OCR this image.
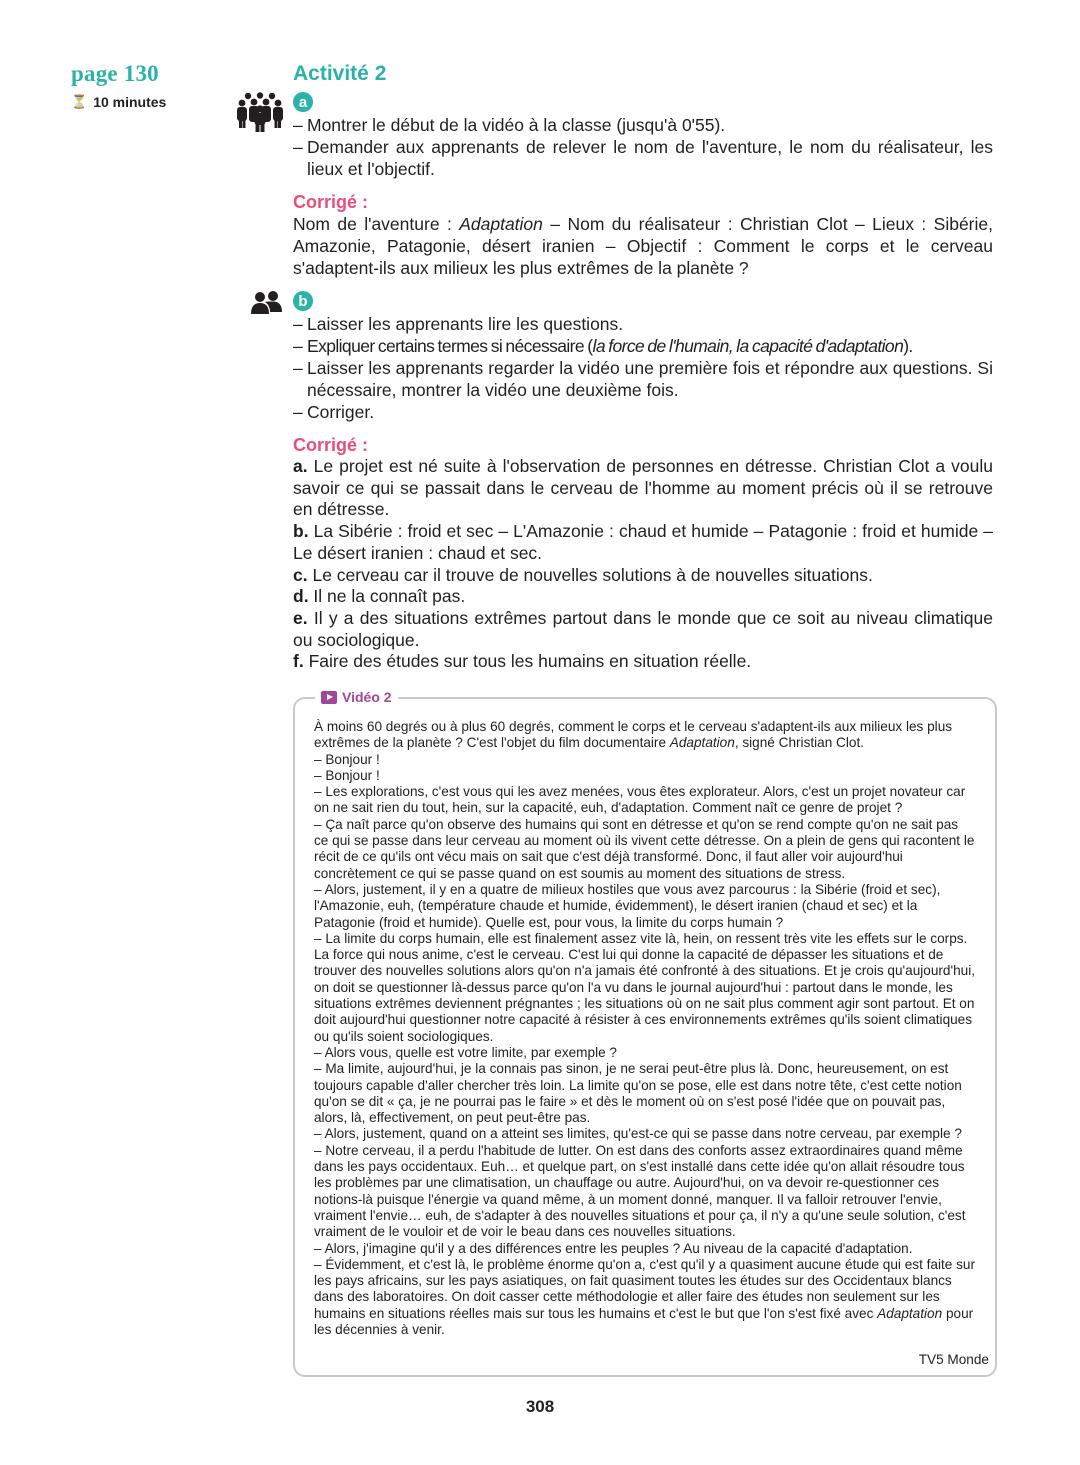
page 130
⏳ 10 minutes
Activité 2
a
– Montrer le début de la vidéo à la classe (jusqu'à 0'55).
– Demander aux apprenants de relever le nom de l'aventure, le nom du réalisateur, les lieux et l'objectif.
Corrigé :
Nom de l'aventure : Adaptation – Nom du réalisateur : Christian Clot – Lieux : Sibérie, Amazonie, Patagonie, désert iranien – Objectif : Comment le corps et le cerveau s'adaptent-ils aux milieux les plus extrêmes de la planète ?
b
– Laisser les apprenants lire les questions.
– Expliquer certains termes si nécessaire (la force de l'humain, la capacité d'adaptation).
– Laisser les apprenants regarder la vidéo une première fois et répondre aux questions. Si nécessaire, montrer la vidéo une deuxième fois.
– Corriger.
Corrigé :
a. Le projet est né suite à l'observation de personnes en détresse. Christian Clot a voulu savoir ce qui se passait dans le cerveau de l'homme au moment précis où il se retrouve en détresse.
b. La Sibérie : froid et sec – L'Amazonie : chaud et humide – Patagonie : froid et humide – Le désert iranien : chaud et sec.
c. Le cerveau car il trouve de nouvelles solutions à de nouvelles situations.
d. Il ne la connaît pas.
e. Il y a des situations extrêmes partout dans le monde que ce soit au niveau climatique ou sociologique.
f. Faire des études sur tous les humains en situation réelle.
Vidéo 2

À moins 60 degrés ou à plus 60 degrés, comment le corps et le cerveau s'adaptent-ils aux milieux les plus extrêmes de la planète ? C'est l'objet du film documentaire Adaptation, signé Christian Clot.

– Bonjour !

– Bonjour !

– Les explorations, c'est vous qui les avez menées, vous êtes explorateur. Alors, c'est un projet novateur car on ne sait rien du tout, hein, sur la capacité, euh, d'adaptation. Comment naît ce genre de projet ?

– Ça naît parce qu'on observe des humains qui sont en détresse et qu'on se rend compte qu'on ne sait pas ce qui se passe dans leur cerveau au moment où ils vivent cette détresse. On a plein de gens qui racontent le récit de ce qu'ils ont vécu mais on sait que c'est déjà transformé. Donc, il faut aller voir aujourd'hui concrètement ce qui se passe quand on est soumis au moment des situations de stress.

– Alors, justement, il y en a quatre de milieux hostiles que vous avez parcourus : la Sibérie (froid et sec), l'Amazonie, euh, (température chaude et humide, évidemment), le désert iranien (chaud et sec) et la Patagonie (froid et humide). Quelle est, pour vous, la limite du corps humain ?

– La limite du corps humain, elle est finalement assez vite là, hein, on ressent très vite les effets sur le corps. La force qui nous anime, c'est le cerveau. C'est lui qui donne la capacité de dépasser les situations et de trouver des nouvelles solutions alors qu'on n'a jamais été confronté à des situations. Et je crois qu'aujourd'hui, on doit se questionner là-dessus parce qu'on l'a vu dans le journal aujourd'hui : partout dans le monde, les situations extrêmes deviennent prégnantes ; les situations où on ne sait plus comment agir sont partout. Et on doit aujourd'hui questionner notre capacité à résister à ces environnements extrêmes qu'ils soient climatiques ou qu'ils soient sociologiques.

– Alors vous, quelle est votre limite, par exemple ?

– Ma limite, aujourd'hui, je la connais pas sinon, je ne serai peut-être plus là. Donc, heureusement, on est toujours capable d'aller chercher très loin. La limite qu'on se pose, elle est dans notre tête, c'est cette notion qu'on se dit « ça, je ne pourrai pas le faire » et dès le moment où on s'est posé l'idée que on pouvait pas, alors, là, effectivement, on peut peut-être pas.

– Alors, justement, quand on a atteint ses limites, qu'est-ce qui se passe dans notre cerveau, par exemple ?

– Notre cerveau, il a perdu l'habitude de lutter. On est dans des conforts assez extraordinaires quand même dans les pays occidentaux. Euh… et quelque part, on s'est installé dans cette idée qu'on allait résoudre tous les problèmes par une climatisation, un chauffage ou autre. Aujourd'hui, on va devoir re-questionner ces notions-là puisque l'énergie va quand même, à un moment donné, manquer. Il va falloir retrouver l'envie, vraiment l'envie… euh, de s'adapter à des nouvelles situations et pour ça, il n'y a qu'une seule solution, c'est vraiment de le vouloir et de voir le beau dans ces nouvelles situations.

– Alors, j'imagine qu'il y a des différences entre les peuples ? Au niveau de la capacité d'adaptation.

– Évidemment, et c'est là, le problème énorme qu'on a, c'est qu'il y a quasiment aucune étude qui est faite sur les pays africains, sur les pays asiatiques, on fait quasiment toutes les études sur des Occidentaux blancs dans des laboratoires. On doit casser cette méthodologie et aller faire des études non seulement sur les humains en situations réelles mais sur tous les humains et c'est le but que l'on s'est fixé avec Adaptation pour les décennies à venir.

TV5 Monde
308
